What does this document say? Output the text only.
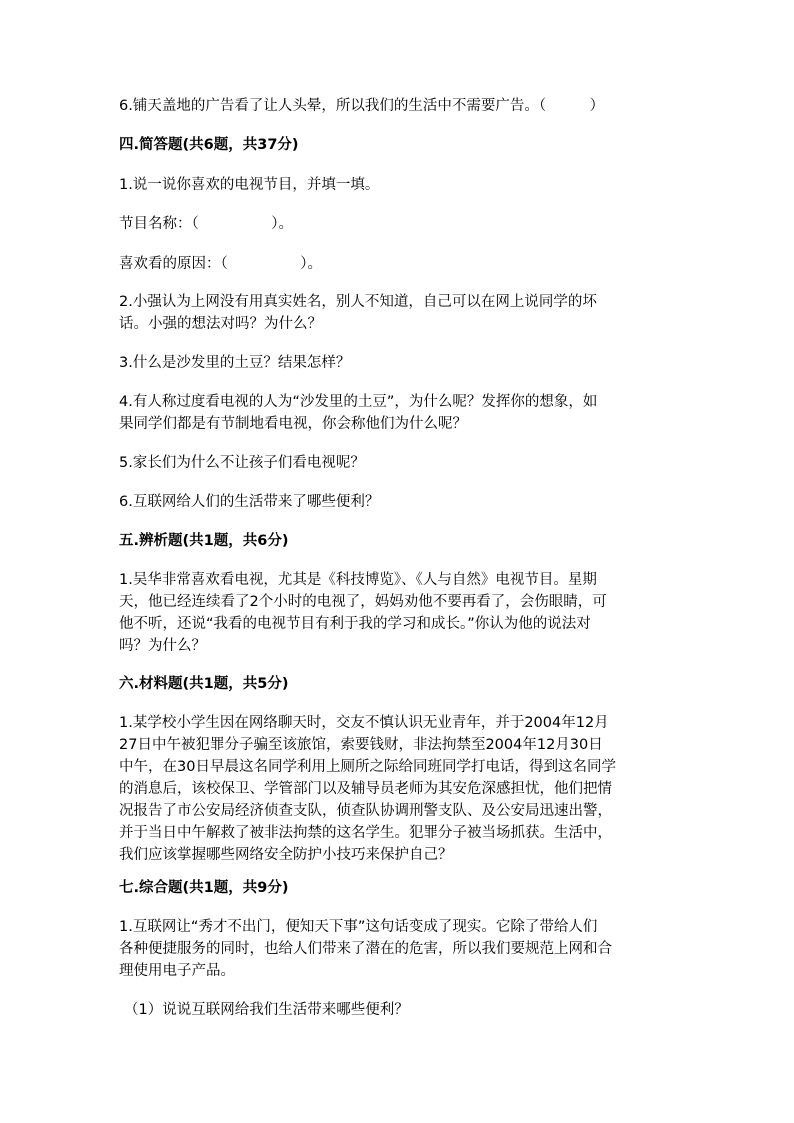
6.铺天盖地的广告看了让人头晕，所以我们的生活中不需要广告。（　　　）
四.简答题(共6题，共37分)
1.说一说你喜欢的电视节目，并填一填。
节目名称：（　　　　　）。
喜欢看的原因：（　　　　　）。
2.小强认为上网没有用真实姓名，别人不知道，自己可以在网上说同学的坏
话。小强的想法对吗？为什么？
3.什么是沙发里的土豆？结果怎样？
4.有人称过度看电视的人为“沙发里的土豆”，为什么呢？发挥你的想象，如
果同学们都是有节制地看电视，你会称他们为什么呢？
5.家长们为什么不让孩子们看电视呢？
6.互联网给人们的生活带来了哪些便利？
五.辨析题(共1题，共6分)
1.吴华非常喜欢看电视，尤其是《科技博览》、《人与自然》电视节目。星期
天，他已经连续看了2个小时的电视了，妈妈劝他不要再看了，会伤眼睛，可
他不听，还说“我看的电视节目有利于我的学习和成长。”你认为他的说法对
吗？为什么？
六.材料题(共1题，共5分)
1.某学校小学生因在网络聊天时，交友不慎认识无业青年，并于2004年12月
27日中午被犯罪分子骗至该旅馆，索要钱财，非法拘禁至2004年12月30日
中午，在30日早晨这名同学利用上厕所之际给同班同学打电话，得到这名同学
的消息后，该校保卫、学管部门以及辅导员老师为其安危深感担忧，他们把情
况报告了市公安局经济侦查支队，侦查队协调刑警支队、及公安局迅速出警，
并于当日中午解救了被非法拘禁的这名学生。犯罪分子被当场抓获。生活中，
我们应该掌握哪些网络安全防护小技巧来保护自己？
七.综合题(共1题，共9分)
1.互联网让“秀才不出门，便知天下事”这句话变成了现实。它除了带给人们
各种便捷服务的同时，也给人们带来了潜在的危害，所以我们要规范上网和合
理使用电子产品。
（1）说说互联网给我们生活带来哪些便利？
